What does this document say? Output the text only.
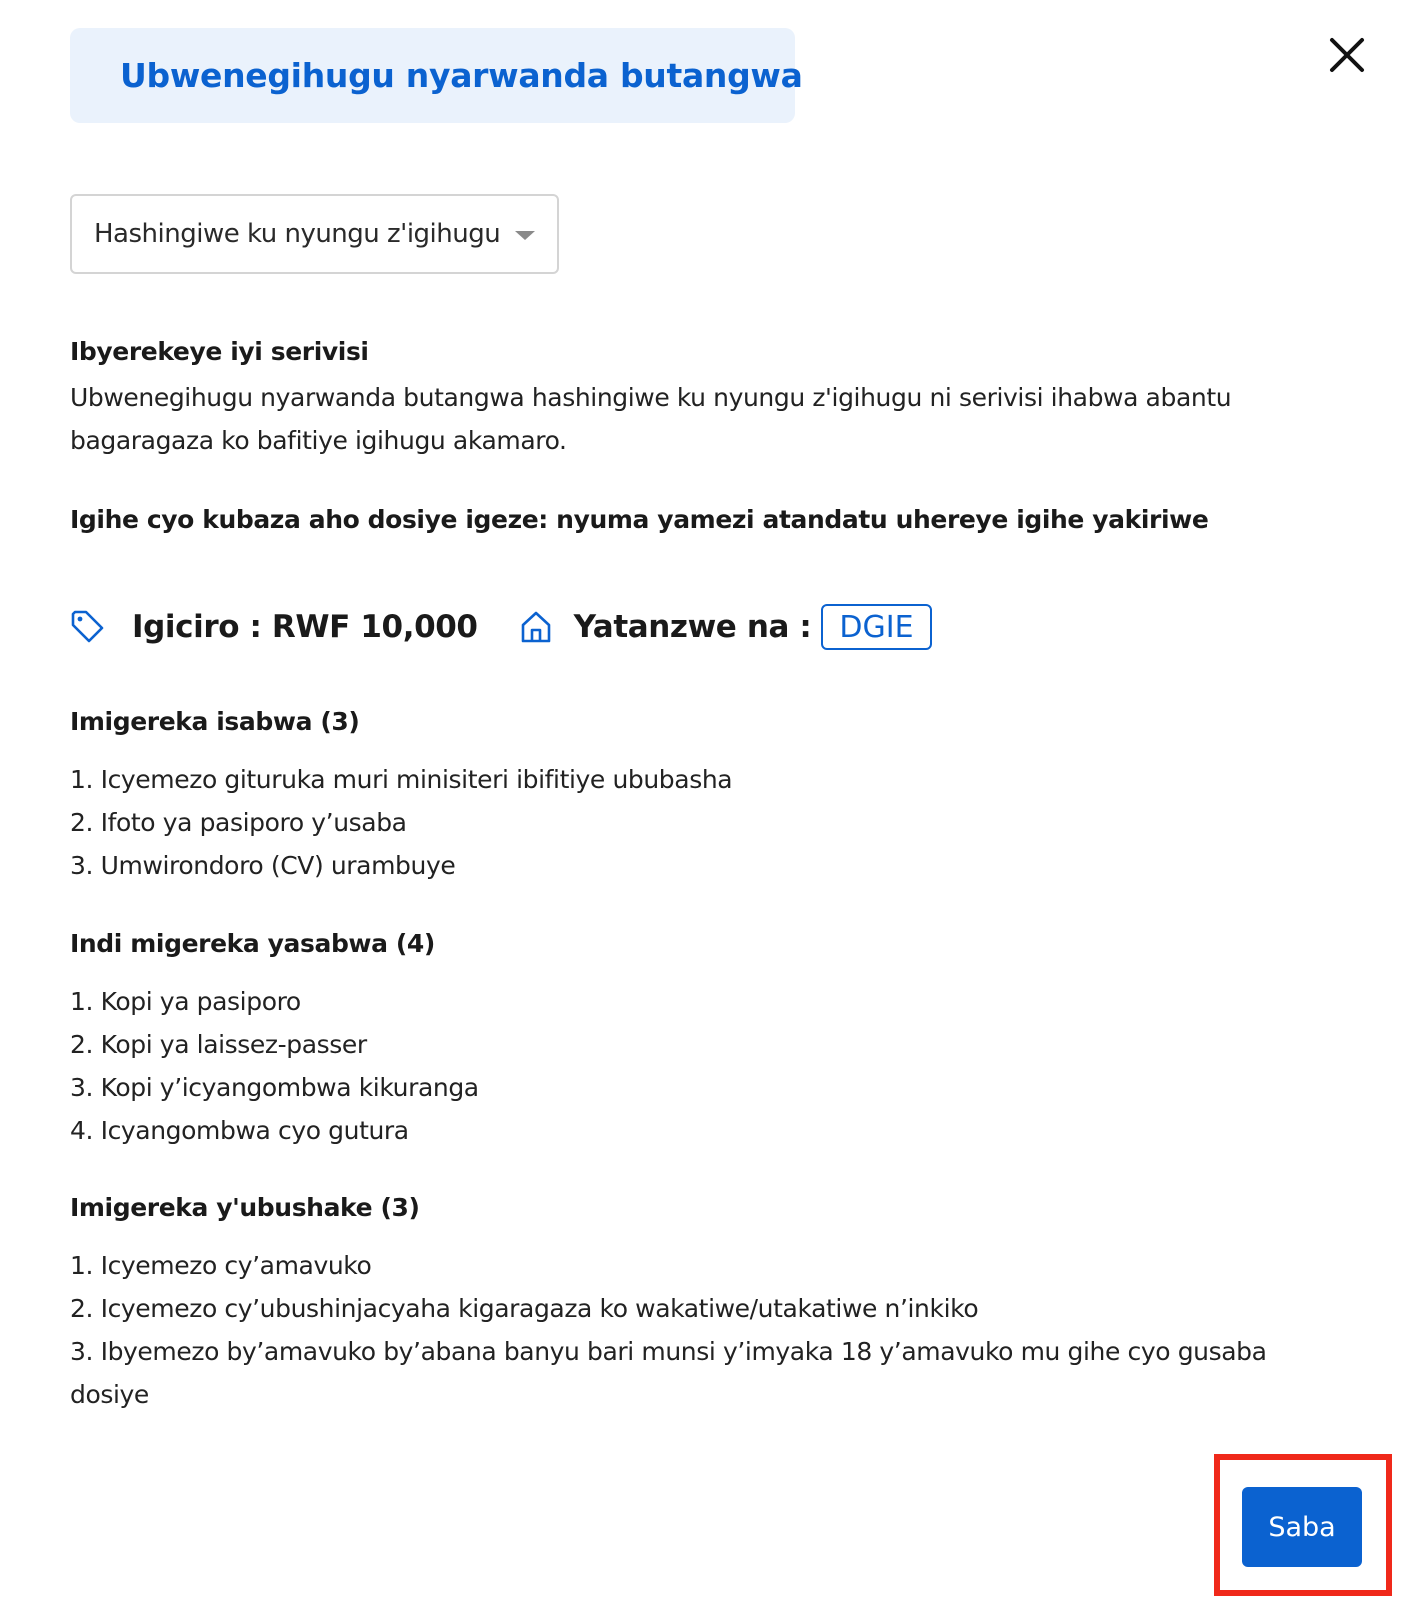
Ubwenegihugu nyarwanda butangwa
Hashingiwe ku nyungu z'igihugu
Ibyerekeye iyi serivisi
Ubwenegihugu nyarwanda butangwa hashingiwe ku nyungu z'igihugu ni serivisi ihabwa abantu bagaragaza ko bafitiye igihugu akamaro.
Igihe cyo kubaza aho dosiye igeze: nyuma yamezi atandatu uhereye igihe yakiriwe
Igiciro : RWF 10,000	Yatanzwe na : DGIE
Imigereka isabwa (3)
1. Icyemezo gituruka muri minisiteri ibifitiye ububasha
2. Ifoto ya pasiporo y’usaba
3. Umwirondoro (CV) urambuye
Indi migereka yasabwa (4)
1. Kopi ya pasiporo
2. Kopi ya laissez-passer
3. Kopi y’icyangombwa kikuranga
4. Icyangombwa cyo gutura
Imigereka y'ubushake (3)
1. Icyemezo cy’amavuko
2. Icyemezo cy’ubushinjacyaha kigaragaza ko wakatiwe/utakatiwe n’inkiko
3. Ibyemezo by’amavuko by’abana banyu bari munsi y’imyaka 18 y’amavuko mu gihe cyo gusaba dosiye
Saba
